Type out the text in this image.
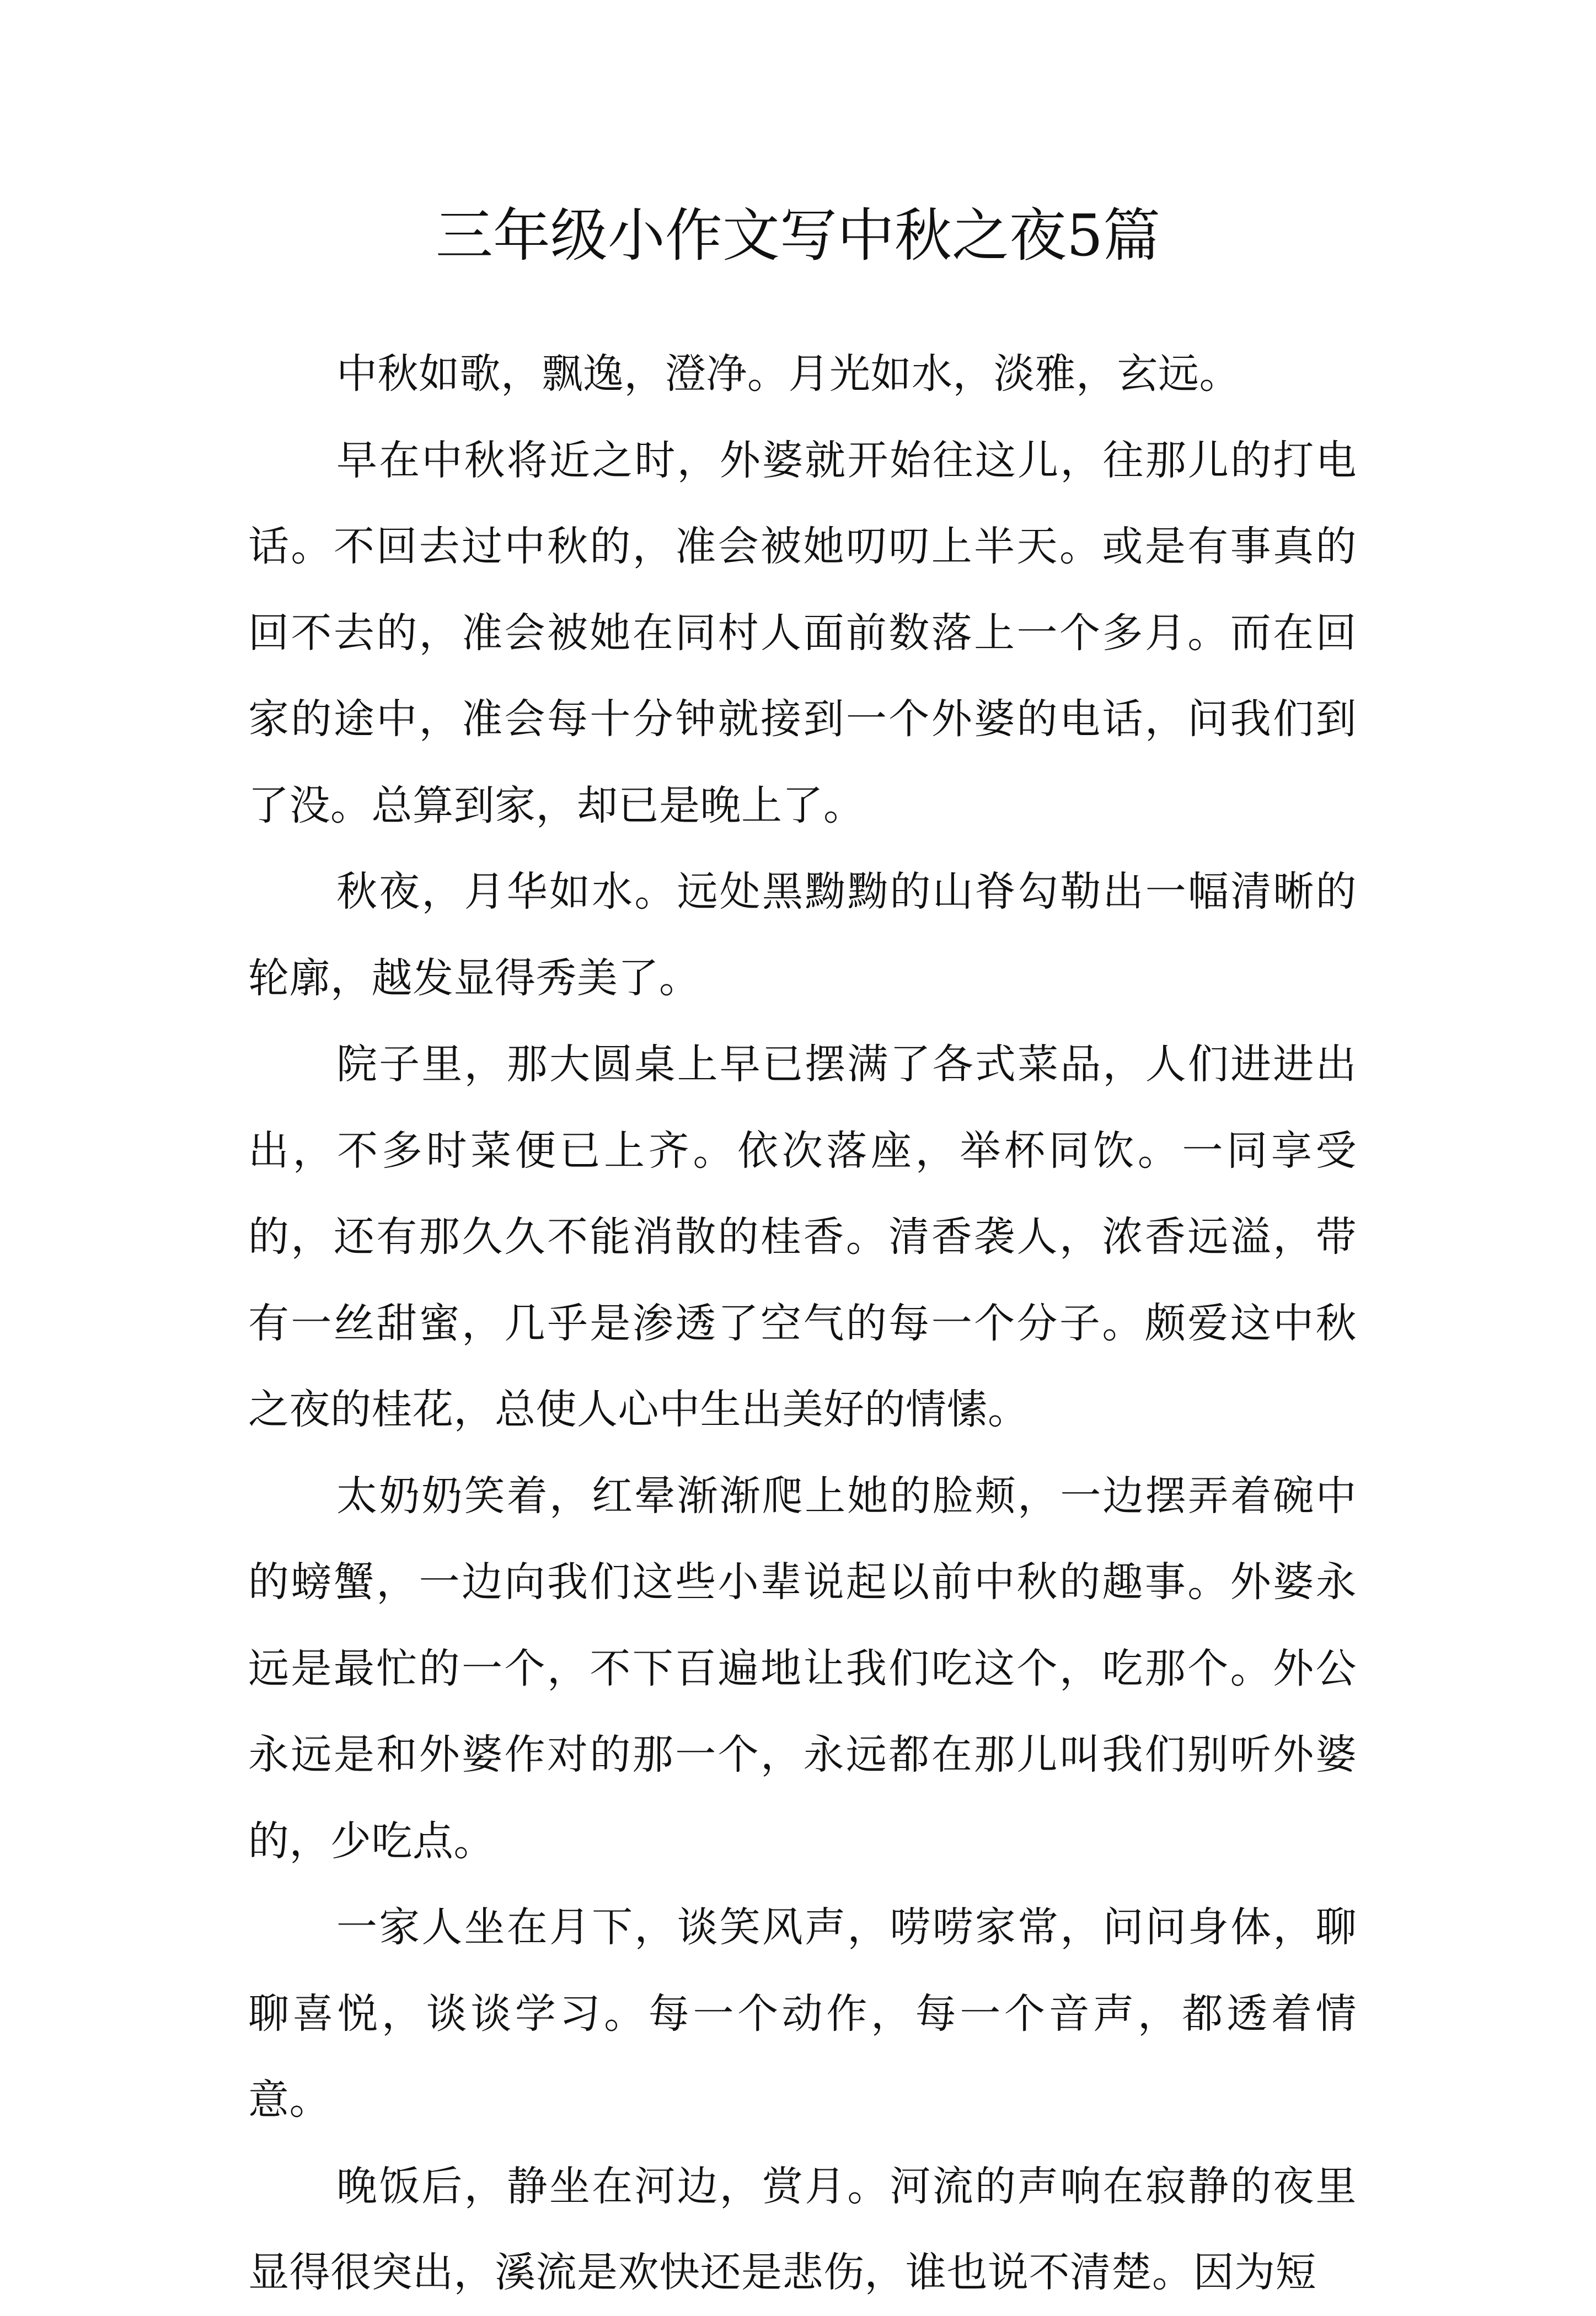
三年级小作文写中秋之夜5篇

中秋如歌，飘逸，澄净。月光如水，淡雅，玄远。

早在中秋将近之时，外婆就开始往这儿，往那儿的打电话。不回去过中秋的，准会被她叨叨上半天。或是有事真的回不去的，准会被她在同村人面前数落上一个多月。而在回家的途中，准会每十分钟就接到一个外婆的电话，问我们到了没。总算到家，却已是晚上了。

秋夜，月华如水。远处黑黝黝的山脊勾勒出一幅清晰的轮廓，越发显得秀美了。

院子里，那大圆桌上早已摆满了各式菜品，人们进进出出，不多时菜便已上齐。依次落座，举杯同饮。一同享受的，还有那久久不能消散的桂香。清香袭人，浓香远溢，带有一丝甜蜜，几乎是渗透了空气的每一个分子。颇爱这中秋之夜的桂花，总使人心中生出美好的情愫。

太奶奶笑着，红晕渐渐爬上她的脸颊，一边摆弄着碗中的螃蟹，一边向我们这些小辈说起以前中秋的趣事。外婆永远是最忙的一个，不下百遍地让我们吃这个，吃那个。外公永远是和外婆作对的那一个，永远都在那儿叫我们别听外婆的，少吃点。

一家人坐在月下，谈笑风声，唠唠家常，问问身体，聊聊喜悦，谈谈学习。每一个动作，每一个音声，都透着情意。

晚饭后，静坐在河边，赏月。河流的声响在寂静的夜里显得很突出，溪流是欢快还是悲伤，谁也说不清楚。因为短
